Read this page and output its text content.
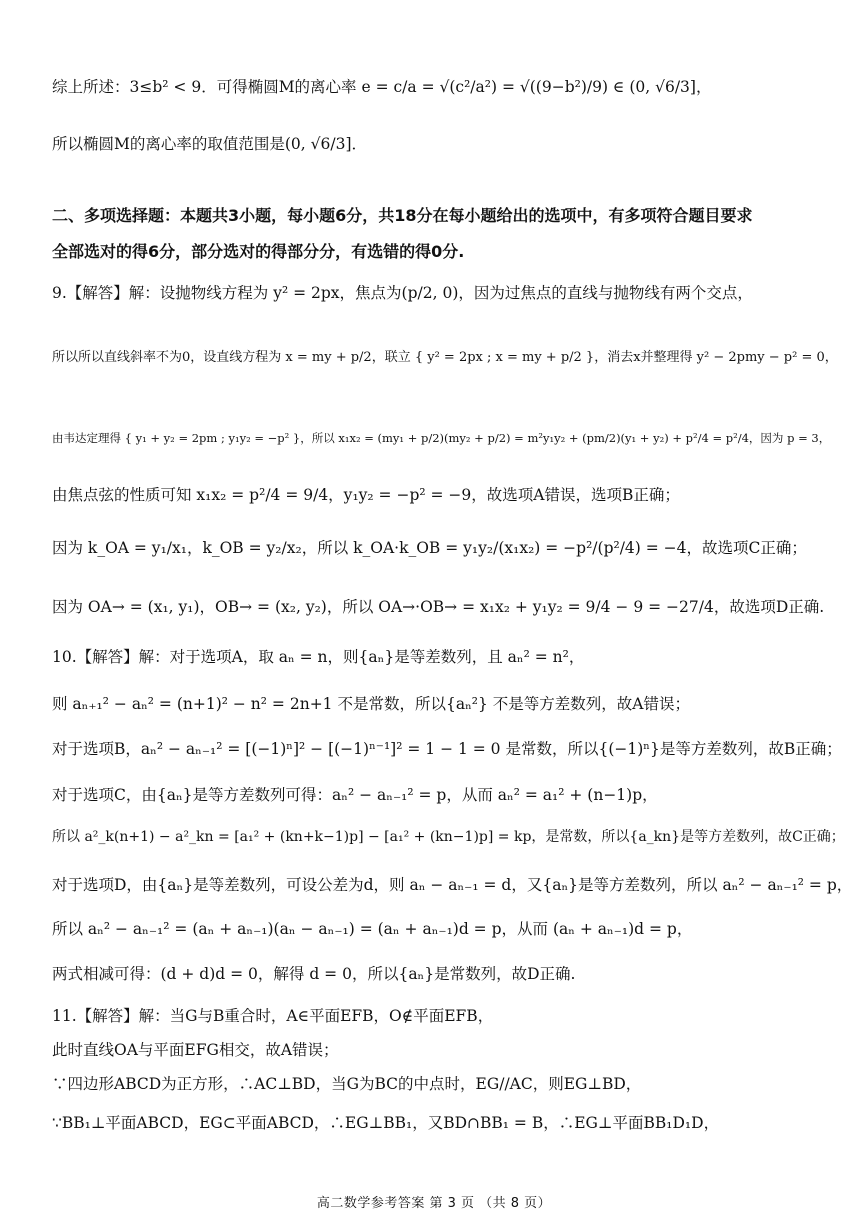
综上所述：3≤b² < 9．可得椭圆M的离心率 e = c/a = √(c²/a²) = √((9−b²)/9) ∈ (0, √6/3]，
所以椭圆M的离心率的取值范围是(0, √6/3]．
二、多项选择题：本题共3小题，每小题6分，共18分在每小题给出的选项中，有多项符合题目要求
全部选对的得6分，部分选对的得部分分，有选错的得0分.
9.【解答】解：设抛物线方程为 y² = 2px，焦点为(p/2, 0)，因为过焦点的直线与抛物线有两个交点，
所以所以直线斜率不为0，设直线方程为 x = my + p/2，联立 { y² = 2px ; x = my + p/2 }，消去x并整理得 y² − 2pmy − p² = 0，
由韦达定理得 { y₁ + y₂ = 2pm ; y₁y₂ = −p² }，所以 x₁x₂ = (my₁ + p/2)(my₂ + p/2) = m²y₁y₂ + (pm/2)(y₁ + y₂) + p²/4 = p²/4，因为 p = 3，
由焦点弦的性质可知 x₁x₂ = p²/4 = 9/4，y₁y₂ = −p² = −9，故选项A错误，选项B正确；
因为 k_OA = y₁/x₁，k_OB = y₂/x₂，所以 k_OA·k_OB = y₁y₂/(x₁x₂) = −p²/(p²/4) = −4，故选项C正确；
因为 OA→ = (x₁, y₁)，OB→ = (x₂, y₂)，所以 OA→·OB→ = x₁x₂ + y₁y₂ = 9/4 − 9 = −27/4，故选项D正确.
10.【解答】解：对于选项A，取 aₙ = n，则{aₙ}是等差数列，且 aₙ² = n²，
则 aₙ₊₁² − aₙ² = (n+1)² − n² = 2n+1 不是常数，所以{aₙ²} 不是等方差数列，故A错误；
对于选项B，aₙ² − aₙ₋₁² = [(−1)ⁿ]² − [(−1)ⁿ⁻¹]² = 1 − 1 = 0 是常数，所以{(−1)ⁿ}是等方差数列，故B正确；
对于选项C，由{aₙ}是等方差数列可得：aₙ² − aₙ₋₁² = p，从而 aₙ² = a₁² + (n−1)p，
所以 a²_k(n+1) − a²_kn = [a₁² + (kn+k−1)p] − [a₁² + (kn−1)p] = kp，是常数，所以{a_kn}是等方差数列，故C正确；
对于选项D，由{aₙ}是等差数列，可设公差为d，则 aₙ − aₙ₋₁ = d，又{aₙ}是等方差数列，所以 aₙ² − aₙ₋₁² = p，
所以 aₙ² − aₙ₋₁² = (aₙ + aₙ₋₁)(aₙ − aₙ₋₁) = (aₙ + aₙ₋₁)d = p，从而 (aₙ + aₙ₋₁)d = p，
两式相减可得：(d + d)d = 0，解得 d = 0，所以{aₙ}是常数列，故D正确.
11.【解答】解：当G与B重合时，A∈平面EFB，O∉平面EFB，
此时直线OA与平面EFG相交，故A错误；
∵四边形ABCD为正方形，∴AC⊥BD，当G为BC的中点时，EG//AC，则EG⊥BD，
∵BB₁⊥平面ABCD，EG⊂平面ABCD，∴EG⊥BB₁，又BD∩BB₁ = B，∴EG⊥平面BB₁D₁D，
高二数学参考答案 第 3 页 （共 8 页）
